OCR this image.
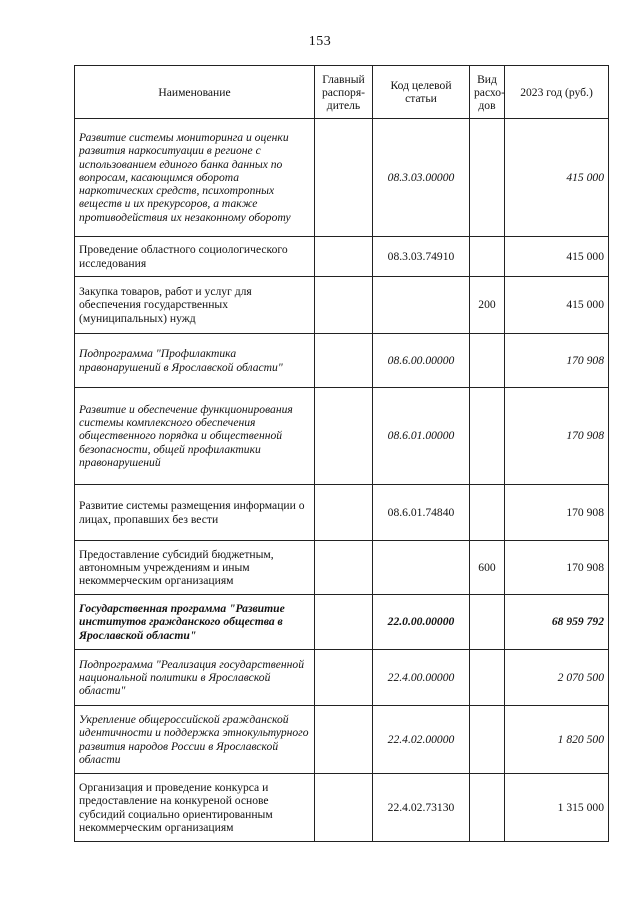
153
Наименование	Главный распоря-дитель	Код целевой статьи	Вид расхо-дов	2023 год (руб.)
Развитие системы мониторинга и оценки развития наркоситуации в регионе с использованием единого банка данных по вопросам, касающимся оборота наркотических средств, психотропных веществ и их прекурсоров, а также противодействия их незаконному обороту		08.3.03.00000		415 000
Проведение областного социологического исследования		08.3.03.74910		415 000
Закупка товаров, работ и услуг для обеспечения государственных (муниципальных) нужд			200	415 000
Подпрограмма "Профилактика правонарушений в Ярославской области"		08.6.00.00000		170 908
Развитие и обеспечение функционирования системы комплексного обеспечения общественного порядка и общественной безопасности, общей профилактики правонарушений		08.6.01.00000		170 908
Развитие системы размещения информации о лицах, пропавших без вести		08.6.01.74840		170 908
Предоставление субсидий бюджетным, автономным учреждениям и иным некоммерческим организациям			600	170 908
Государственная программа "Развитие институтов гражданского общества в Ярославской области"		22.0.00.00000		68 959 792
Подпрограмма "Реализация государственной национальной политики в Ярославской области"		22.4.00.00000		2 070 500
Укрепление общероссийской гражданской идентичности и поддержка этнокультурного развития народов России в Ярославской области		22.4.02.00000		1 820 500
Организация и проведение конкурса и предоставление на конкуреной основе субсидий социально ориентированным некоммерческим организациям		22.4.02.73130		1 315 000
